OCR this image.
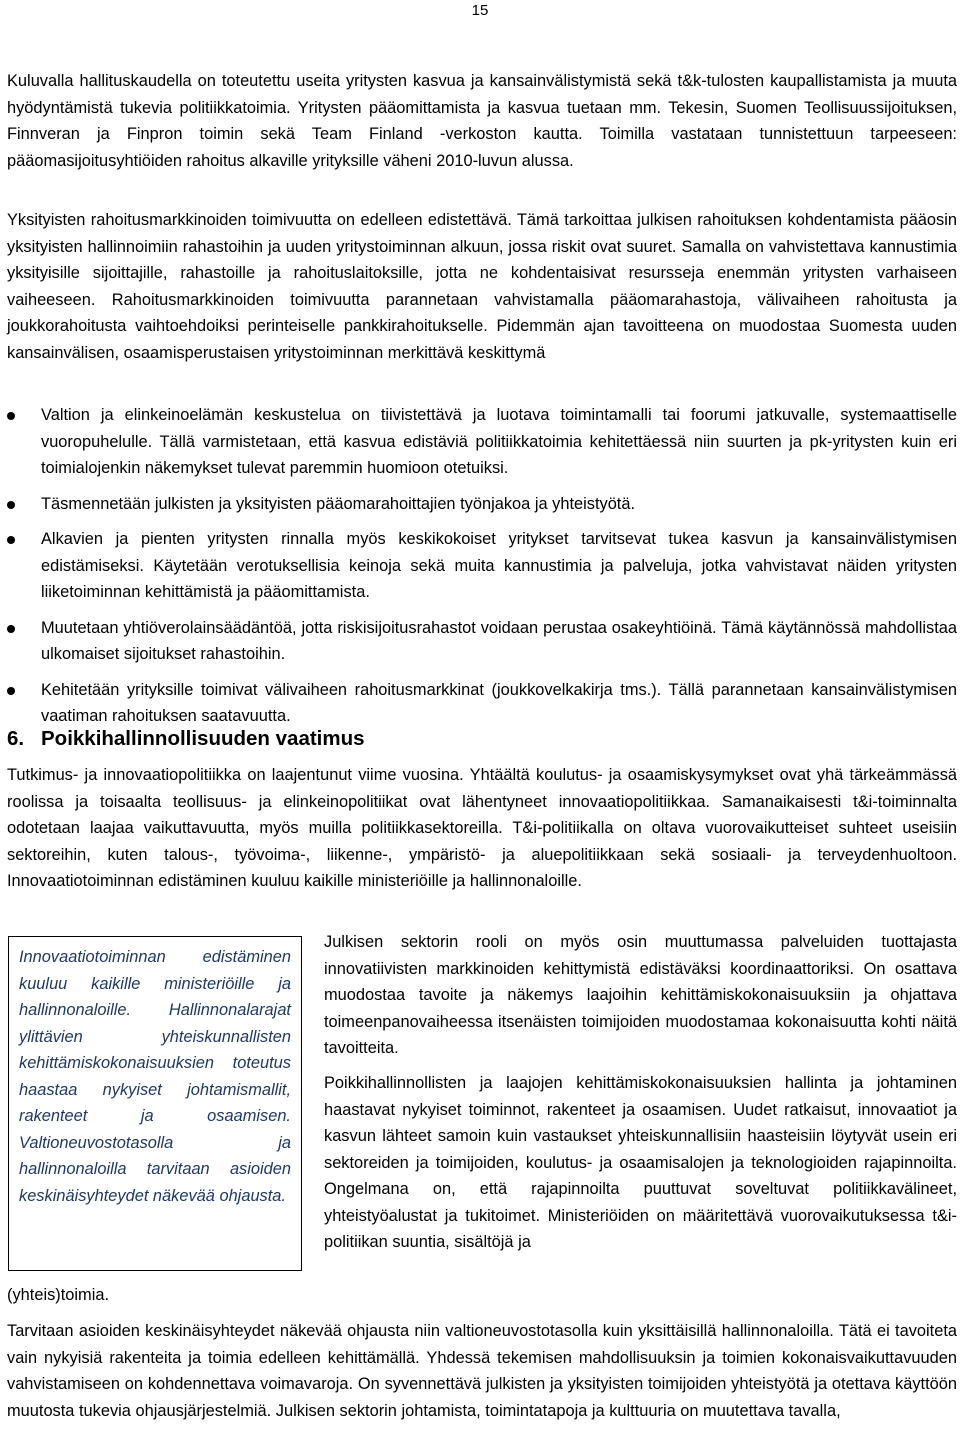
15

Kuluvalla hallituskaudella on toteutettu useita yritysten kasvua ja kansainvälistymistä sekä t&k-tulosten kaupallistamista ja muuta hyödyntämistä tukevia politiikkatoimia. Yritysten pääomittamista ja kasvua tuetaan mm. Tekesin, Suomen Teollisuussijoituksen, Finnveran ja Finpron toimin sekä Team Finland -verkoston kautta. Toimilla vastataan tunnistettuun tarpeeseen: pääomasijoitusyhtiöiden rahoitus alkaville yrityksille väheni 2010-luvun alussa.

Yksityisten rahoitusmarkkinoiden toimivuutta on edelleen edistettävä. Tämä tarkoittaa julkisen rahoituksen kohdentamista pääosin yksityisten hallinnoimiin rahastoihin ja uuden yritystoiminnan alkuun, jossa riskit ovat suuret. Samalla on vahvistettava kannustimia yksityisille sijoittajille, rahastoille ja rahoituslaitoksille, jotta ne kohdentaisivat resursseja enemmän yritysten varhaiseen vaiheeseen. Rahoitusmarkkinoiden toimivuutta parannetaan vahvistamalla pääomarahastoja, välivaiheen rahoitusta ja joukkorahoitusta vaihtoehdoiksi perinteiselle pankkirahoitukselle. Pidemmän ajan tavoitteena on muodostaa Suomesta uuden kansainvälisen, osaamisperustaisen yritystoiminnan merkittävä keskittymä

Valtion ja elinkeinoelämän keskustelua on tiivistettävä ja luotava toimintamalli tai foorumi jatkuvalle, systemaattiselle vuoropuhelulle. Tällä varmistetaan, että kasvua edistäviä politiikkatoimia kehitettäessä niin suurten ja pk-yritysten kuin eri toimialojenkin näkemykset tulevat paremmin huomioon otetuiksi.
Täsmennetään julkisten ja yksityisten pääomarahoittajien työnjakoa ja yhteistyötä.
Alkavien ja pienten yritysten rinnalla myös keskikokoiset yritykset tarvitsevat tukea kasvun ja kansainvälistymisen edistämiseksi. Käytetään verotuksellisia keinoja sekä muita kannustimia ja palveluja, jotka vahvistavat näiden yritysten liiketoiminnan kehittämistä ja pääomittamista.
Muutetaan yhtiöverolainsäädäntöä, jotta riskisijoitusrahastot voidaan perustaa osakeyhtiöinä. Tämä käytännössä mahdollistaa ulkomaiset sijoitukset rahastoihin.
Kehitetään yrityksille toimivat välivaiheen rahoitusmarkkinat (joukkovelkakirja tms.). Tällä parannetaan kansainvälistymisen vaatiman rahoituksen saatavuutta.
6. Poikkihallinnollisuuden vaatimus

Tutkimus- ja innovaatiopolitiikka on laajentunut viime vuosina. Yhtäältä koulutus- ja osaamiskysymykset ovat yhä tärkeämmässä roolissa ja toisaalta teollisuus- ja elinkeinopolitiikat ovat lähentyneet innovaatiopolitiikkaa. Samanaikaisesti t&i-toiminnalta odotetaan laajaa vaikuttavuutta, myös muilla politiikkasektoreilla. T&i-politiikalla on oltava vuorovaikutteiset suhteet useisiin sektoreihin, kuten talous-, työvoima-, liikenne-, ympäristö- ja aluepolitiikkaan sekä sosiaali- ja terveydenhuoltoon. Innovaatiotoiminnan edistäminen kuuluu kaikille ministeriöille ja hallinnonaloille.

Innovaatiotoiminnan edistäminen kuuluu kaikille ministeriöille ja hallinnonaloille. Hallinnonalarajat ylittävien yhteiskunnallisten kehittämiskokonaisuuksien toteutus haastaa nykyiset johtamismallit, rakenteet ja osaamisen. Valtioneuvostotasolla ja hallinnonaloilla tarvitaan asioiden keskinäisyhteydet näkevää ohjausta.

Julkisen sektorin rooli on myös osin muuttumassa palveluiden tuottajasta innovatiivisten markkinoiden kehittymistä edistäväksi koordinaattoriksi. On osattava muodostaa tavoite ja näkemys laajoihin kehittämiskokonaisuuksiin ja ohjattava toimeenpanovaiheessa itsenäisten toimijoiden muodostamaa kokonaisuutta kohti näitä tavoitteita.

Poikkihallinnollisten ja laajojen kehittämiskokonaisuuksien hallinta ja johtaminen haastavat nykyiset toiminnot, rakenteet ja osaamisen. Uudet ratkaisut, innovaatiot ja kasvun lähteet samoin kuin vastaukset yhteiskunnallisiin haasteisiin löytyvät usein eri sektoreiden ja toimijoiden, koulutus- ja osaamisalojen ja teknologioiden rajapinnoilta. Ongelmana on, että rajapinnoilta puuttuvat soveltuvat politiikkavälineet, yhteistyöalustat ja tukitoimet. Ministeriöiden on määritettävä vuorovaikutuksessa t&i-politiikan suuntia, sisältöjä ja

(yhteis)toimia.

Tarvitaan asioiden keskinäisyhteydet näkevää ohjausta niin valtioneuvostotasolla kuin yksittäisillä hallinnonaloilla. Tätä ei tavoiteta vain nykyisiä rakenteita ja toimia edelleen kehittämällä. Yhdessä tekemisen mahdollisuuksin ja toimien kokonaisvaikuttavuuden vahvistamiseen on kohdennettava voimavaroja. On syvennettävä julkisten ja yksityisten toimijoiden yhteistyötä ja otettava käyttöön muutosta tukevia ohjausjärjestelmiä. Julkisen sektorin johtamista, toimintatapoja ja kulttuuria on muutettava tavalla,
